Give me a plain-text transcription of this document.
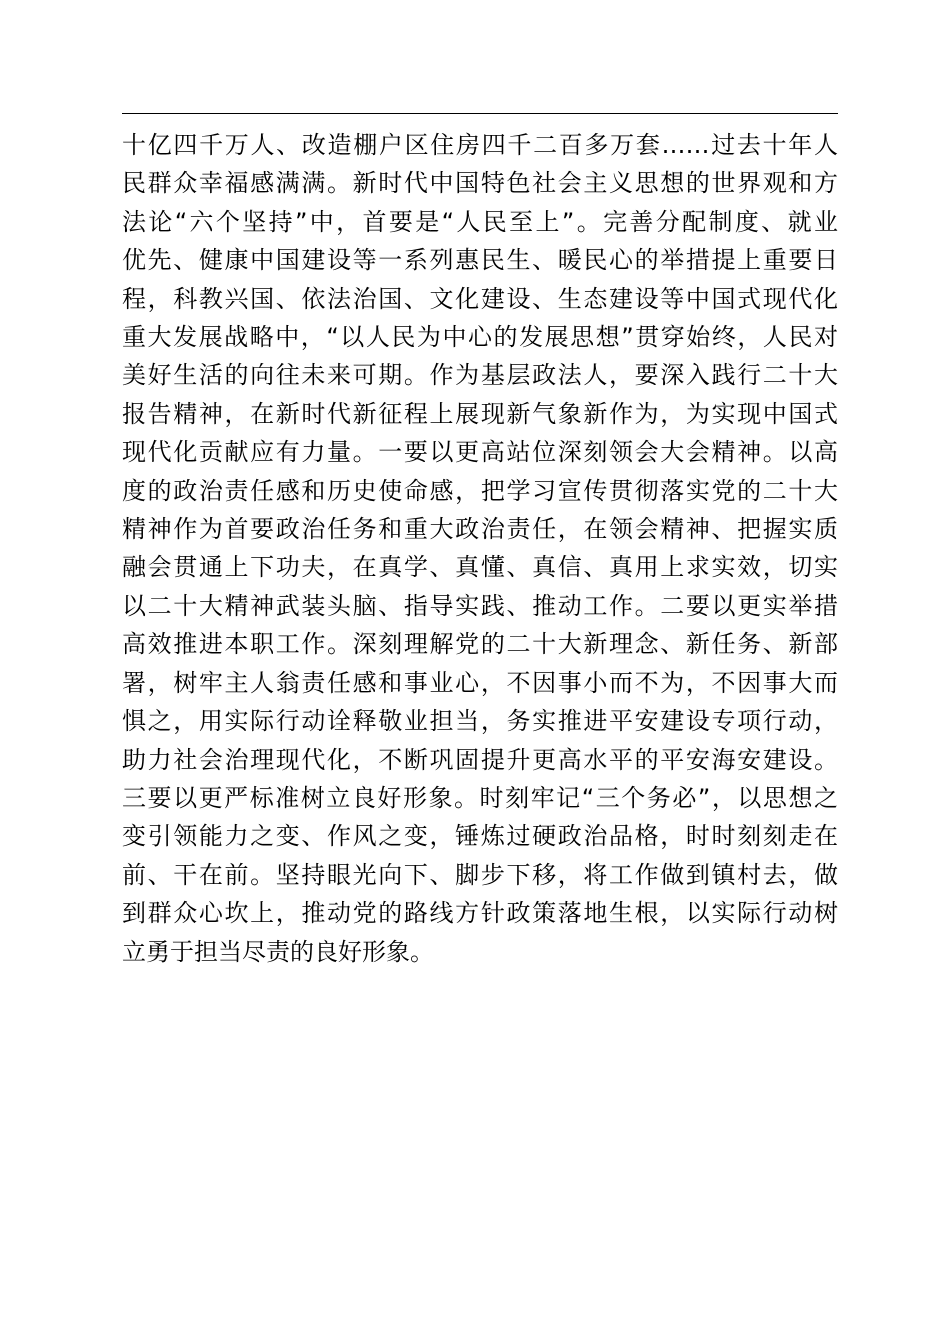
十亿四千万人、改造棚户区住房四千二百多万套……过去十年人
民群众幸福感满满。新时代中国特色社会主义思想的世界观和方
法论“六个坚持”中，首要是“人民至上”。完善分配制度、就业
优先、健康中国建设等一系列惠民生、暖民心的举措提上重要日
程，科教兴国、依法治国、文化建设、生态建设等中国式现代化
重大发展战略中，“以人民为中心的发展思想”贯穿始终，人民对
美好生活的向往未来可期。作为基层政法人，要深入践行二十大
报告精神，在新时代新征程上展现新气象新作为，为实现中国式
现代化贡献应有力量。一要以更高站位深刻领会大会精神。以高
度的政治责任感和历史使命感，把学习宣传贯彻落实党的二十大
精神作为首要政治任务和重大政治责任，在领会精神、把握实质
融会贯通上下功夫，在真学、真懂、真信、真用上求实效，切实
以二十大精神武装头脑、指导实践、推动工作。二要以更实举措
高效推进本职工作。深刻理解党的二十大新理念、新任务、新部
署，树牢主人翁责任感和事业心，不因事小而不为，不因事大而
惧之，用实际行动诠释敬业担当，务实推进平安建设专项行动，
助力社会治理现代化，不断巩固提升更高水平的平安海安建设。
三要以更严标准树立良好形象。时刻牢记“三个务必”，以思想之
变引领能力之变、作风之变，锤炼过硬政治品格，时时刻刻走在
前、干在前。坚持眼光向下、脚步下移，将工作做到镇村去，做
到群众心坎上，推动党的路线方针政策落地生根，以实际行动树
立勇于担当尽责的良好形象。
